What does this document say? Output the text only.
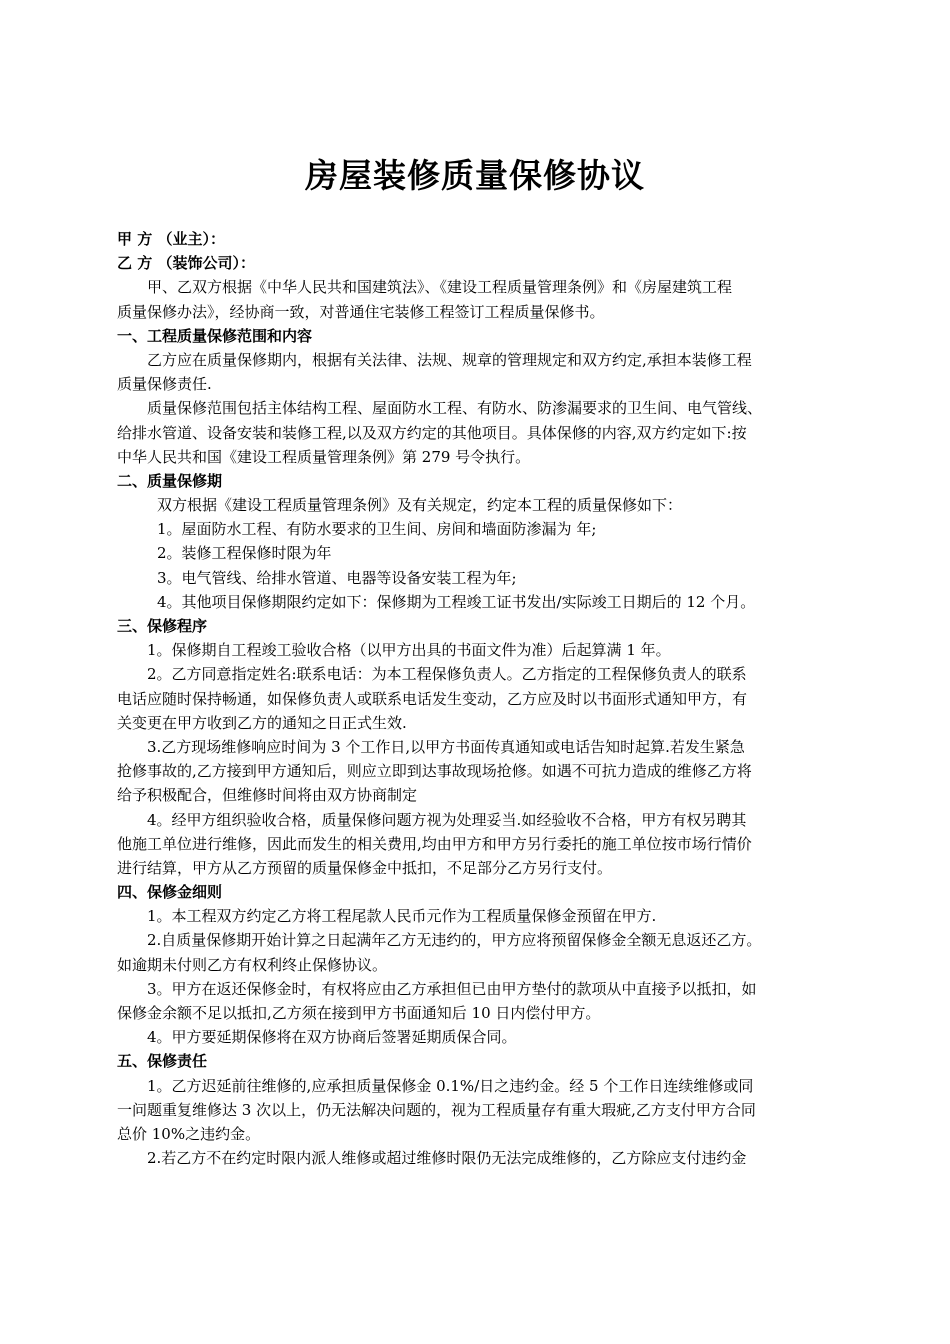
房屋装修质量保修协议
甲 方 （业主）：
乙 方 （装饰公司）：
甲、乙双方根据《中华人民共和国建筑法》、《建设工程质量管理条例》和《房屋建筑工程
质量保修办法》，经协商一致，对普通住宅装修工程签订工程质量保修书。
一、工程质量保修范围和内容
乙方应在质量保修期内，根据有关法律、法规、规章的管理规定和双方约定,承担本装修工程
质量保修责任.
质量保修范围包括主体结构工程、屋面防水工程、有防水、防渗漏要求的卫生间、电气管线、
给排水管道、设备安装和装修工程,以及双方约定的其他项目。具体保修的内容,双方约定如下:按
中华人民共和国《建设工程质量管理条例》第 279 号令执行。
二、质量保修期
双方根据《建设工程质量管理条例》及有关规定，约定本工程的质量保修如下：
1。屋面防水工程、有防水要求的卫生间、房间和墙面防渗漏为 年;
2。装修工程保修时限为年
3。电气管线、给排水管道、电器等设备安装工程为年;
4。其他项目保修期限约定如下：保修期为工程竣工证书发出/实际竣工日期后的 12 个月。
三、保修程序
1。保修期自工程竣工验收合格（以甲方出具的书面文件为准）后起算满 1 年。
2。乙方同意指定姓名:联系电话：为本工程保修负责人。乙方指定的工程保修负责人的联系
电话应随时保持畅通，如保修负责人或联系电话发生变动，乙方应及时以书面形式通知甲方，有
关变更在甲方收到乙方的通知之日正式生效.
3.乙方现场维修响应时间为 3 个工作日,以甲方书面传真通知或电话告知时起算.若发生紧急
抢修事故的,乙方接到甲方通知后，则应立即到达事故现场抢修。如遇不可抗力造成的维修乙方将
给予积极配合，但维修时间将由双方协商制定
4。经甲方组织验收合格，质量保修问题方视为处理妥当.如经验收不合格，甲方有权另聘其
他施工单位进行维修，因此而发生的相关费用,均由甲方和甲方另行委托的施工单位按市场行情价
进行结算，甲方从乙方预留的质量保修金中抵扣，不足部分乙方另行支付。
四、保修金细则
1。本工程双方约定乙方将工程尾款人民币元作为工程质量保修金预留在甲方.
2.自质量保修期开始计算之日起满年乙方无违约的，甲方应将预留保修金全额无息返还乙方。
如逾期未付则乙方有权利终止保修协议。
3。甲方在返还保修金时，有权将应由乙方承担但已由甲方垫付的款项从中直接予以抵扣，如
保修金余额不足以抵扣,乙方须在接到甲方书面通知后 10 日内偿付甲方。
4。甲方要延期保修将在双方协商后签署延期质保合同。
五、保修责任
1。乙方迟延前往维修的,应承担质量保修金 0.1%/日之违约金。经 5 个工作日连续维修或同
一问题重复维修达 3 次以上，仍无法解决问题的，视为工程质量存有重大瑕疵,乙方支付甲方合同
总价 10%之违约金。
2.若乙方不在约定时限内派人维修或超过维修时限仍无法完成维修的，乙方除应支付违约金
